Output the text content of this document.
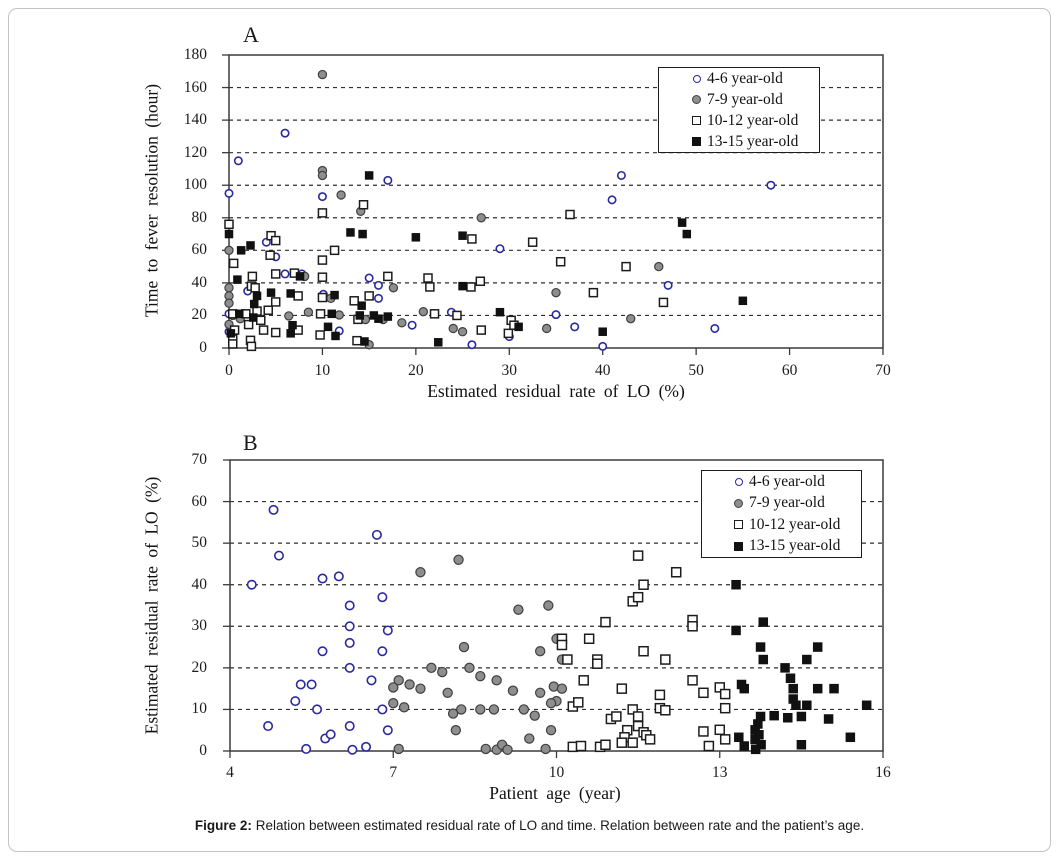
0	10	20	30	40	50	60	70
0
20
40
60
80
100
120
140
160
180
A
Estimated residual rate of LO (%)
Time to fever resolution (hour)
4-6 year-old
7-9 year-old
10-12 year-old
13-15 year-old
4	7	10	13	16
0
10
20
30
40
50
60
70
B
Patient age (year)
Estimated residual rate of LO (%)	4-6 year-old
7-9 year-old
10-12 year-old
13-15 year-old
Figure 2: Relation between estimated residual rate of LO and time. Relation between rate and the patient’s age.
